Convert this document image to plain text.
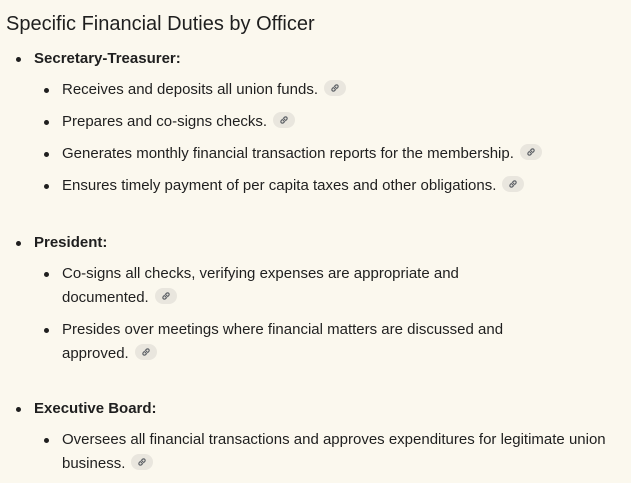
Specific Financial Duties by Officer
Secretary-Treasurer:
Receives and deposits all union funds.
Prepares and co-signs checks.
Generates monthly financial transaction reports for the membership.
Ensures timely payment of per capita taxes and other obligations.
President:
Co-signs all checks, verifying expenses are appropriate and documented.
Presides over meetings where financial matters are discussed and approved.
Executive Board:
Oversees all financial transactions and approves expenditures for legitimate union business.
